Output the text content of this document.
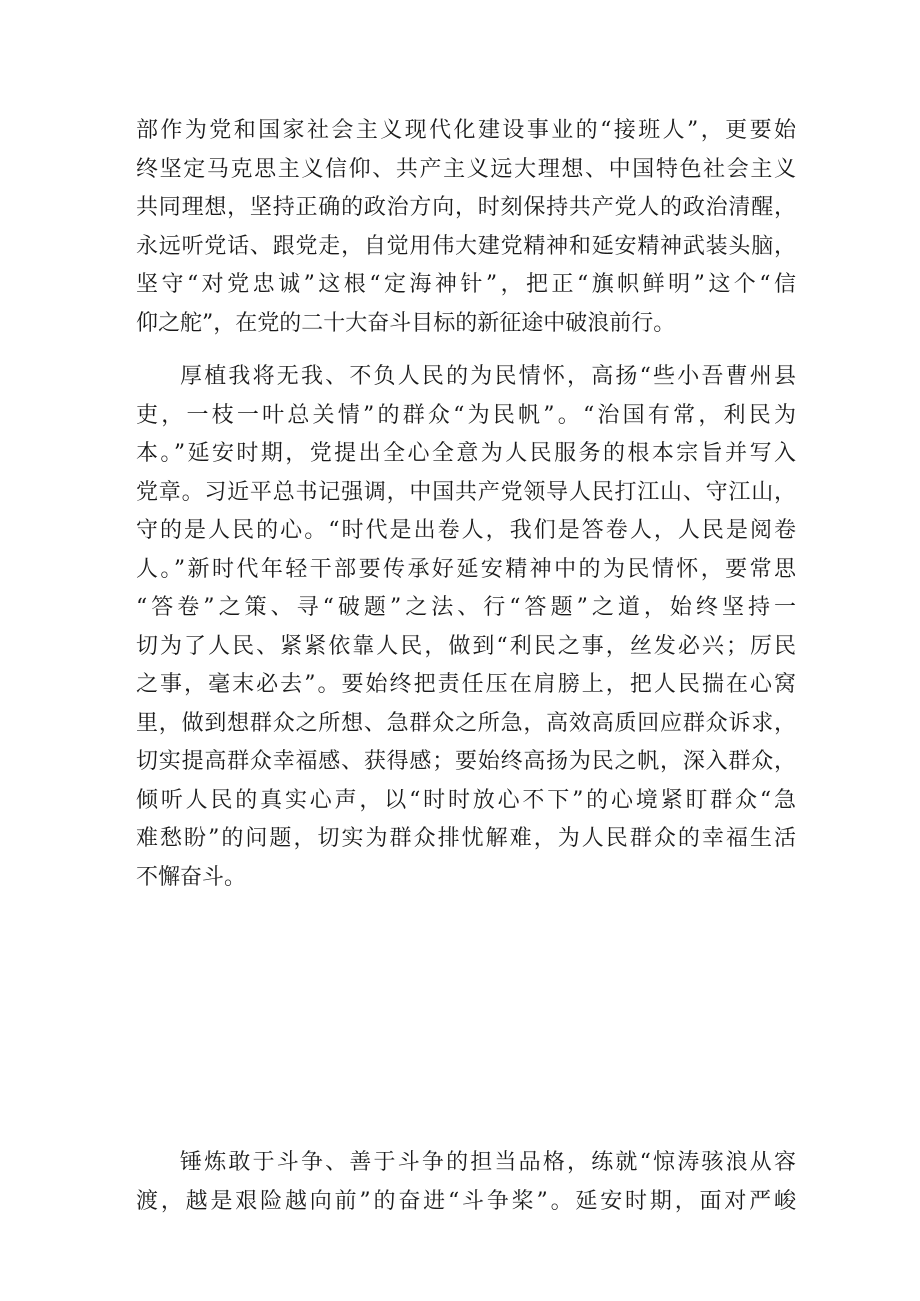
部作为党和国家社会主义现代化建设事业的“接班人”，更要始
终坚定马克思主义信仰、共产主义远大理想、中国特色社会主义
共同理想，坚持正确的政治方向，时刻保持共产党人的政治清醒，
永远听党话、跟党走，自觉用伟大建党精神和延安精神武装头脑，
坚守“对党忠诚”这根“定海神针”，把正“旗帜鲜明”这个“信
仰之舵”，在党的二十大奋斗目标的新征途中破浪前行。
厚植我将无我、不负人民的为民情怀，高扬“些小吾曹州县
吏，一枝一叶总关情”的群众“为民帆”。“治国有常，利民为
本。”延安时期，党提出全心全意为人民服务的根本宗旨并写入
党章。习近平总书记强调，中国共产党领导人民打江山、守江山，
守的是人民的心。“时代是出卷人，我们是答卷人，人民是阅卷
人。”新时代年轻干部要传承好延安精神中的为民情怀，要常思
“答卷”之策、寻“破题”之法、行“答题”之道，始终坚持一
切为了人民、紧紧依靠人民，做到“利民之事，丝发必兴；厉民
之事，毫末必去”。要始终把责任压在肩膀上，把人民揣在心窝
里，做到想群众之所想、急群众之所急，高效高质回应群众诉求，
切实提高群众幸福感、获得感；要始终高扬为民之帆，深入群众，
倾听人民的真实心声，以“时时放心不下”的心境紧盯群众“急
难愁盼”的问题，切实为群众排忧解难，为人民群众的幸福生活
不懈奋斗。
锤炼敢于斗争、善于斗争的担当品格，练就“惊涛骇浪从容
渡，越是艰险越向前”的奋进“斗争桨”。延安时期，面对严峻
